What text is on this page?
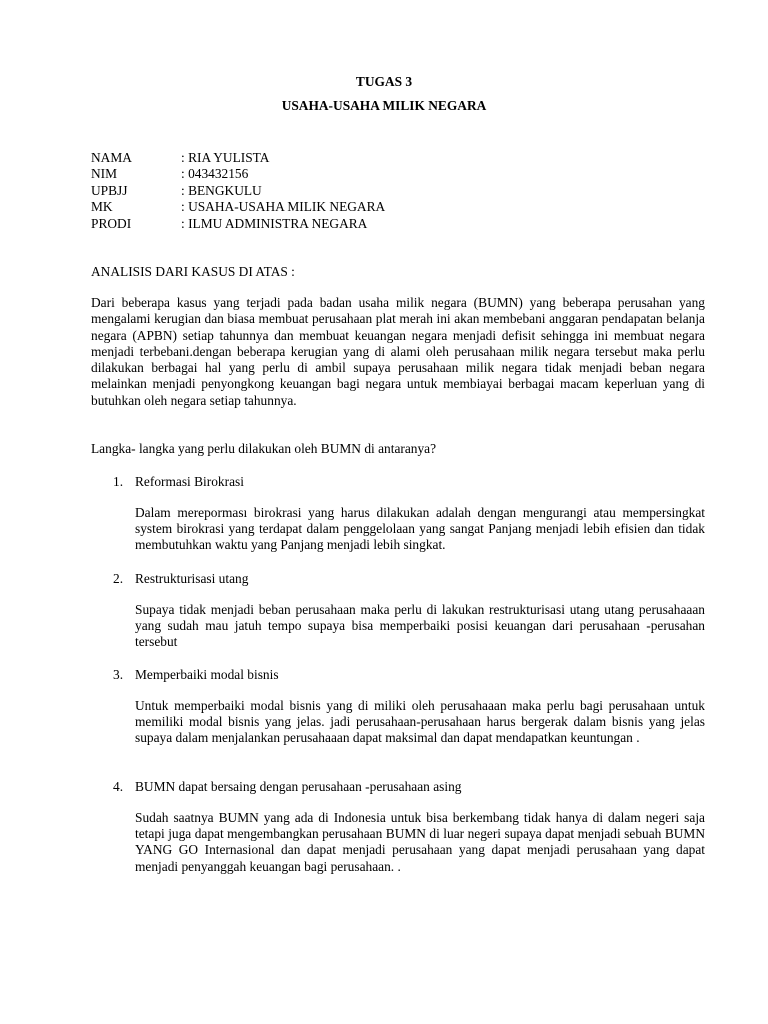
TUGAS 3
USAHA-USAHA MILIK NEGARA
NAMA	: RIA YULISTA
NIM	: 043432156
UPBJJ	: BENGKULU
MK	: USAHA-USAHA MILIK NEGARA
PRODI	: ILMU ADMINISTRA NEGARA
ANALISIS DARI KASUS DI ATAS :
Dari beberapa kasus yang terjadi pada badan usaha milik negara (BUMN) yang beberapa perusahan yang mengalami kerugian dan biasa membuat perusahaan plat merah ini akan membebani anggaran pendapatan belanja negara (APBN) setiap tahunnya dan membuat keuangan negara menjadi defisit sehingga ini membuat negara menjadi terbebani.dengan beberapa kerugian yang di alami oleh perusahaan milik negara tersebut maka perlu dilakukan berbagai hal yang perlu di ambil supaya perusahaan milik negara tidak menjadi beban negara melainkan menjadi penyongkong keuangan bagi negara untuk membiayai berbagai macam keperluan yang di butuhkan oleh negara setiap tahunnya.
Langka- langka yang perlu dilakukan oleh BUMN di antaranya?
1. Reformasi Birokrasi
Dalam mereporması birokrasi yang harus dilakukan adalah dengan mengurangi atau mempersingkat system birokrasi yang terdapat dalam penggelolaan yang sangat Panjang menjadi lebih efisien dan tidak membutuhkan waktu yang Panjang menjadi lebih singkat.
2. Restrukturisasi utang
Supaya tidak menjadi beban perusahaan maka perlu di lakukan restrukturisasi utang utang perusahaaan yang sudah mau jatuh tempo supaya bisa memperbaiki posisi keuangan dari perusahaan -perusahan tersebut
3. Memperbaiki modal bisnis
Untuk memperbaiki modal bisnis yang di miliki oleh perusahaaan maka perlu bagi perusahaan untuk memiliki modal bisnis yang jelas. jadi perusahaan-perusahaan harus bergerak dalam bisnis yang jelas supaya dalam menjalankan perusahaaan dapat maksimal dan dapat mendapatkan keuntungan .
4. BUMN dapat bersaing dengan perusahaan -perusahaan asing
Sudah saatnya BUMN yang ada di Indonesia untuk bisa berkembang tidak hanya di dalam negeri saja tetapi juga dapat mengembangkan perusahaan BUMN di luar negeri supaya dapat menjadi sebuah BUMN YANG GO Internasional dan dapat menjadi perusahaan yang dapat menjadi perusahaan yang dapat menjadi penyanggah keuangan bagi perusahaan. .
